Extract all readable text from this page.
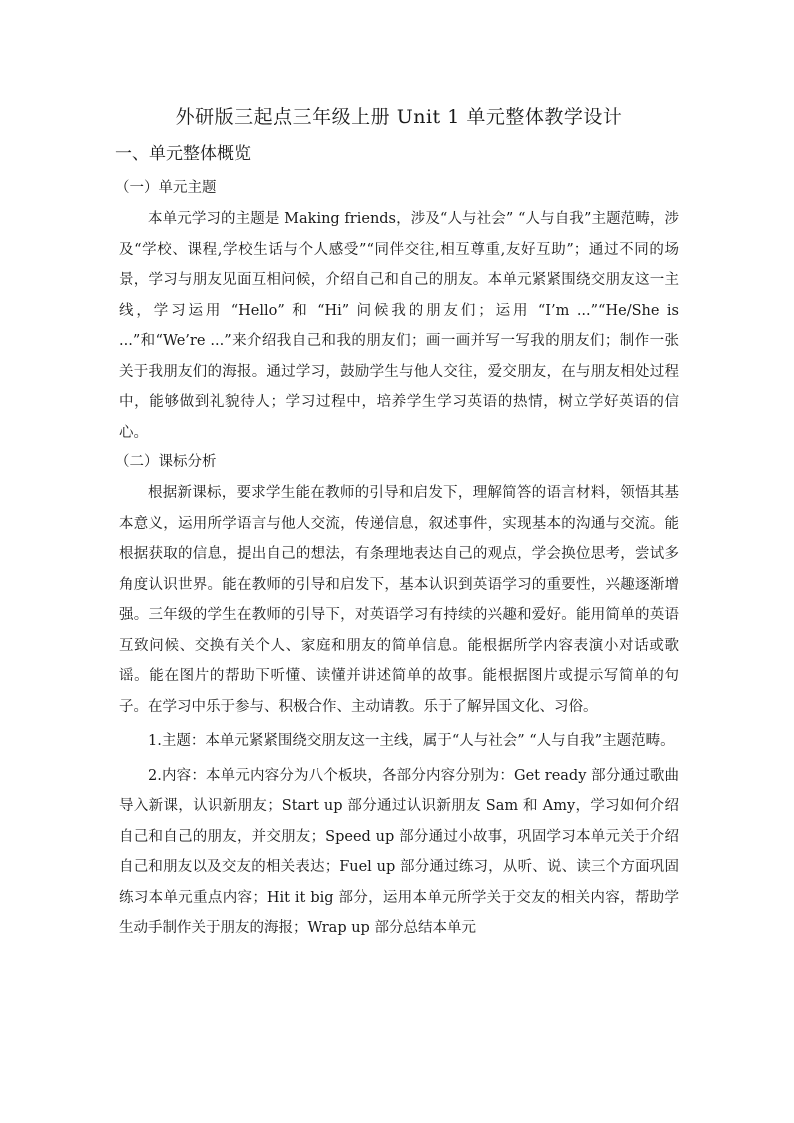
外研版三起点三年级上册 Unit 1 单元整体教学设计
一、单元整体概览
（一）单元主题

本单元学习的主题是 Making friends，涉及“人与社会” “人与自我”主题范畴，涉及“学校、课程,学校生话与个人感受”“同伴交往,相互尊重,友好互助”；通过不同的场景，学习与朋友见面互相问候，介绍自己和自己的朋友。本单元紧紧围绕交朋友这一主线，学习运用 “Hello” 和 “Hi” 问候我的朋友们；运用 “I’m ...”“He/She is ...”和“We’re ...”来介绍我自己和我的朋友们；画一画并写一写我的朋友们；制作一张关于我朋友们的海报。通过学习，鼓励学生与他人交往，爱交朋友，在与朋友相处过程中，能够做到礼貌待人；学习过程中，培养学生学习英语的热情，树立学好英语的信心。

（二）课标分析

根据新课标，要求学生能在教师的引导和启发下，理解简答的语言材料，领悟其基本意义，运用所学语言与他人交流，传递信息，叙述事件，实现基本的沟通与交流。能根据获取的信息，提出自己的想法，有条理地表达自己的观点，学会换位思考，尝试多角度认识世界。能在教师的引导和启发下，基本认识到英语学习的重要性，兴趣逐渐增强。三年级的学生在教师的引导下，对英语学习有持续的兴趣和爱好。能用简单的英语互致问候、交换有关个人、家庭和朋友的简单信息。能根据所学内容表演小对话或歌谣。能在图片的帮助下听懂、读懂并讲述简单的故事。能根据图片或提示写简单的句子。在学习中乐于参与、积极合作、主动请教。乐于了解异国文化、习俗。

1.主题：本单元紧紧围绕交朋友这一主线，属于“人与社会” “人与自我”主题范畴。

2.内容：本单元内容分为八个板块，各部分内容分别为：Get ready 部分通过歌曲导入新课，认识新朋友；Start up 部分通过认识新朋友 Sam 和 Amy，学习如何介绍自己和自己的朋友，并交朋友；Speed up 部分通过小故事，巩固学习本单元关于介绍自己和朋友以及交友的相关表达；Fuel up 部分通过练习，从听、说、读三个方面巩固练习本单元重点内容；Hit it big 部分，运用本单元所学关于交友的相关内容，帮助学生动手制作关于朋友的海报；Wrap up 部分总结本单元
